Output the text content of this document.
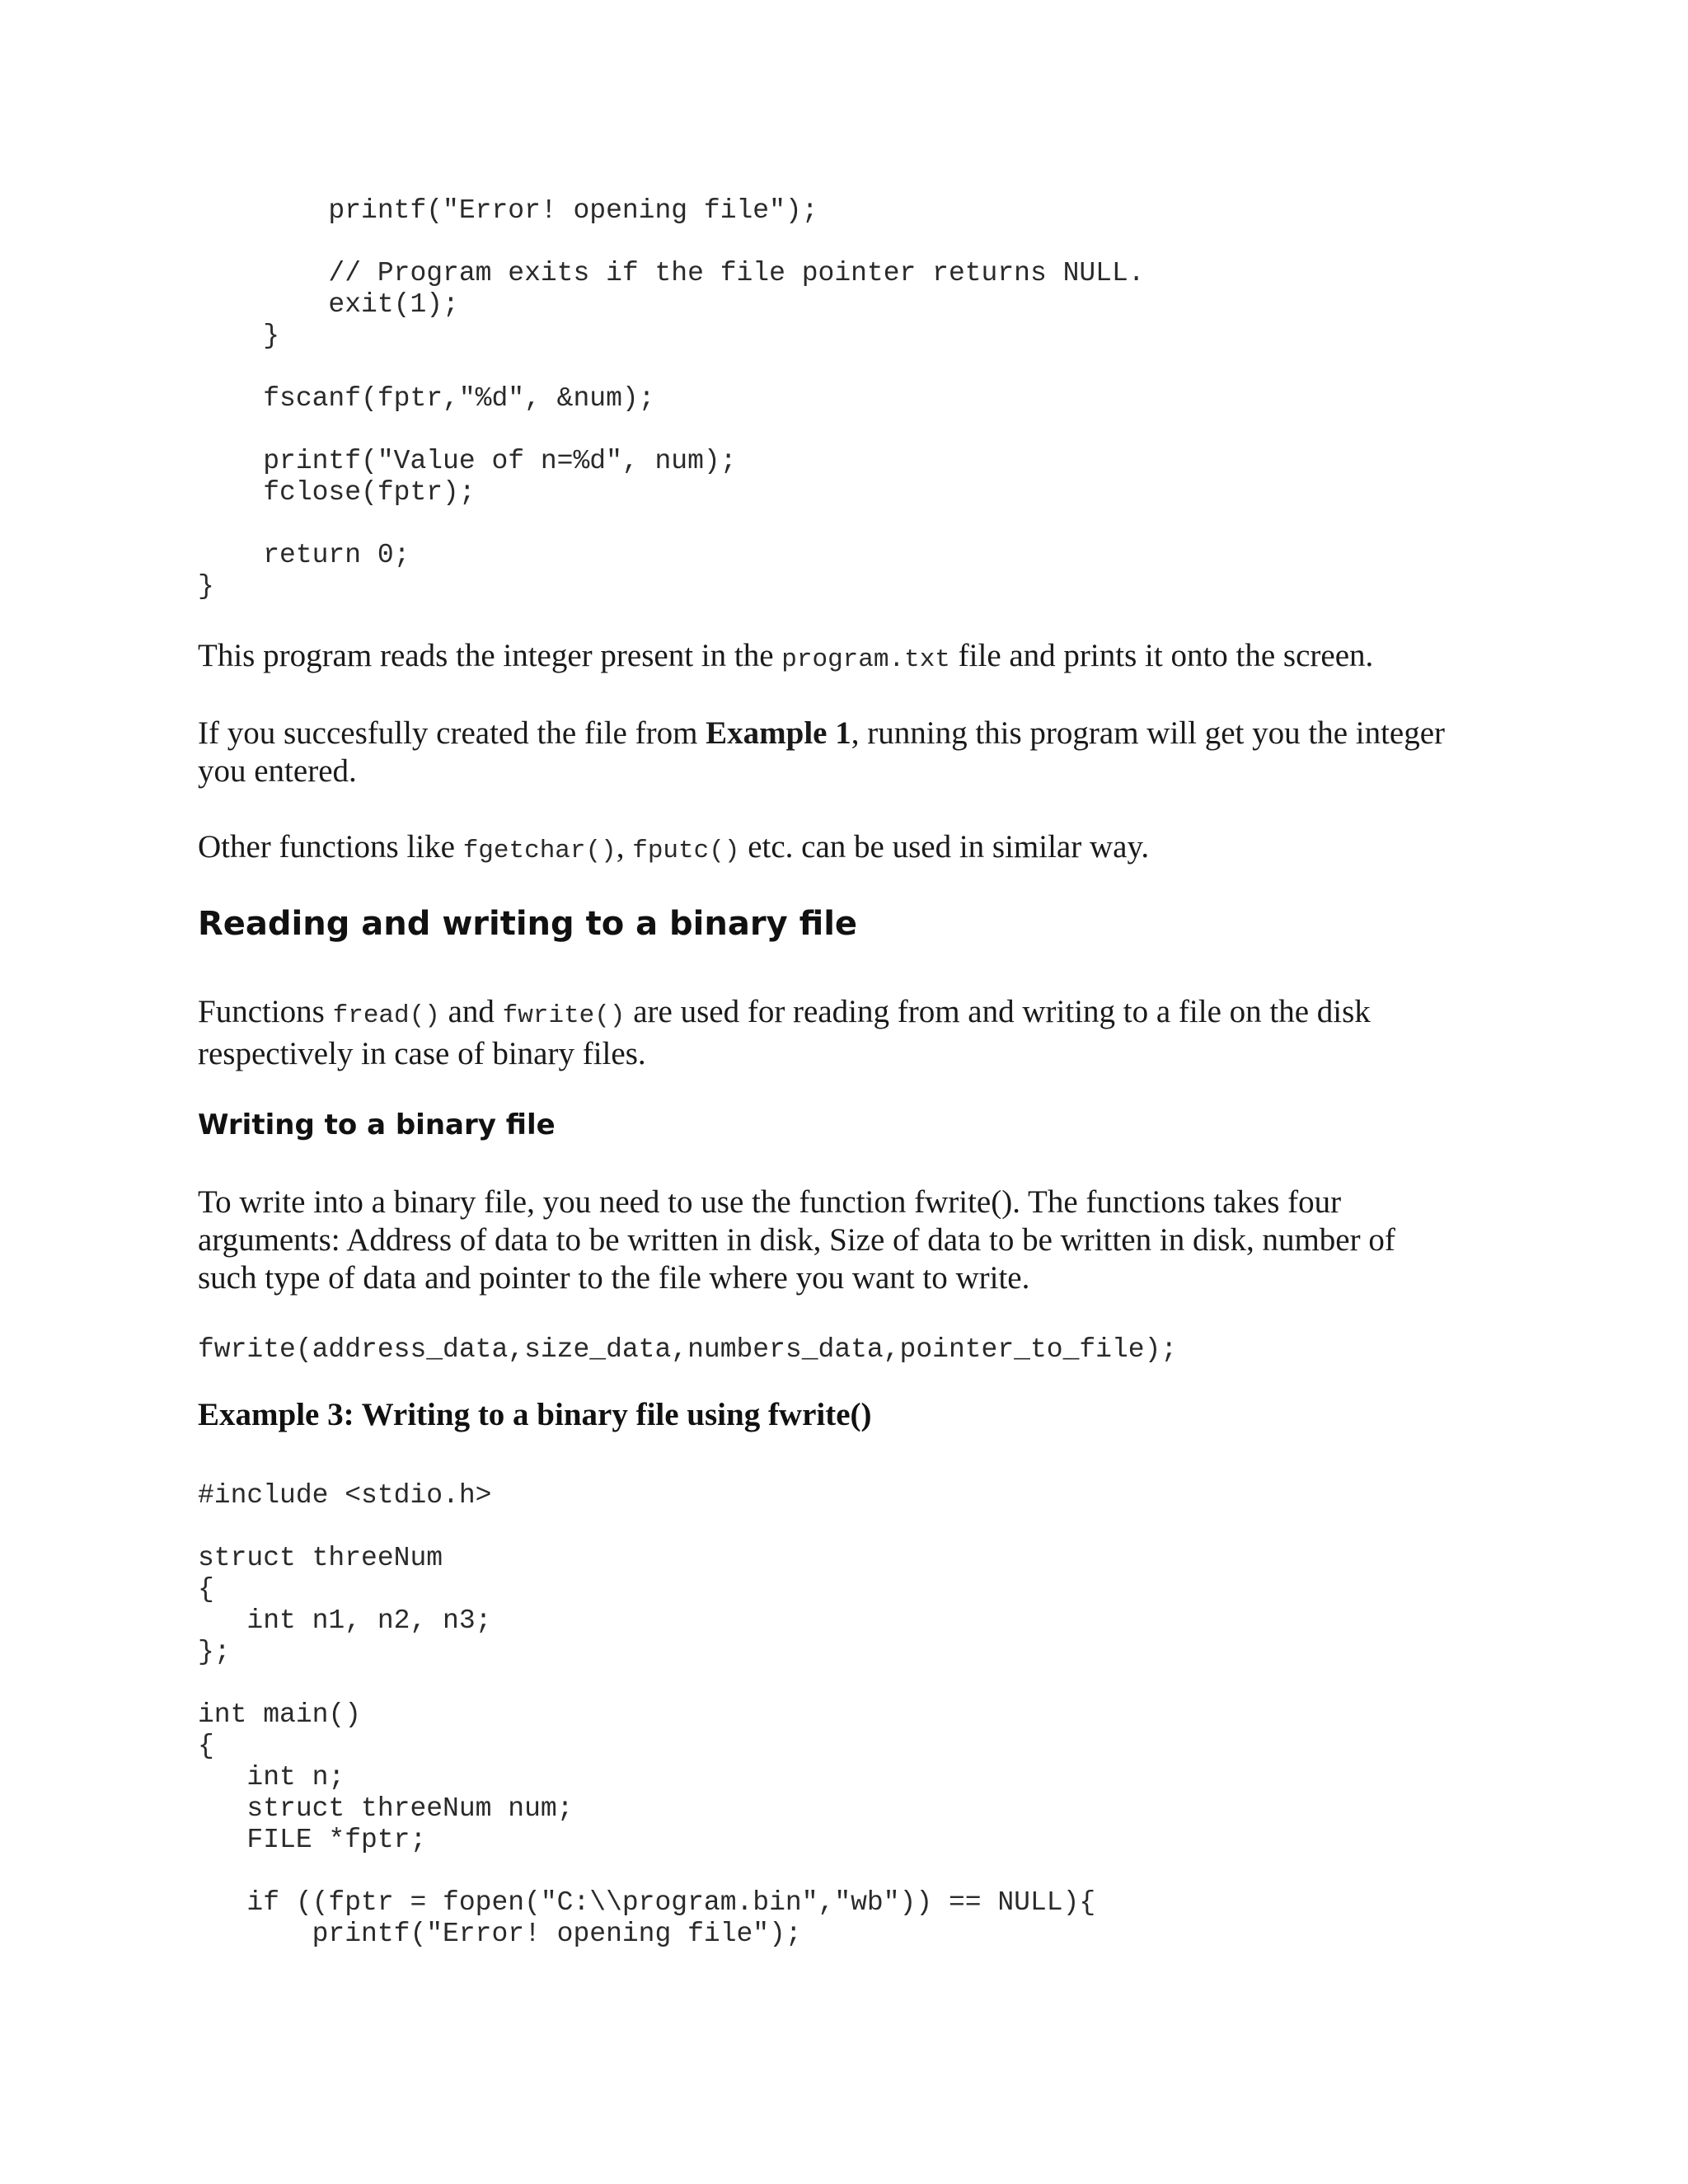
printf("Error! opening file");

// Program exits if the file pointer returns NULL.
exit(1);
}

fscanf(fptr,"%d", &num);

printf("Value of n=%d", num);
fclose(fptr);

return 0;
}

This program reads the integer present in the program.txt file and prints it onto the screen.

If you succesfully created the file from Example 1, running this program will get you the integer you entered.

Other functions like fgetchar(), fputc() etc. can be used in similar way.

Reading and writing to a binary file

Functions fread() and fwrite() are used for reading from and writing to a file on the disk respectively in case of binary files.

Writing to a binary file

To write into a binary file, you need to use the function fwrite(). The functions takes four arguments: Address of data to be written in disk, Size of data to be written in disk, number of such type of data and pointer to the file where you want to write.

fwrite(address_data,size_data,numbers_data,pointer_to_file);
Example 3: Writing to a binary file using fwrite()
#include <stdio.h>

struct threeNum
{
int n1, n2, n3;
};

int main()
{
int n;
struct threeNum num;
FILE *fptr;

if ((fptr = fopen("C:\\program.bin","wb")) == NULL){
printf("Error! opening file");
